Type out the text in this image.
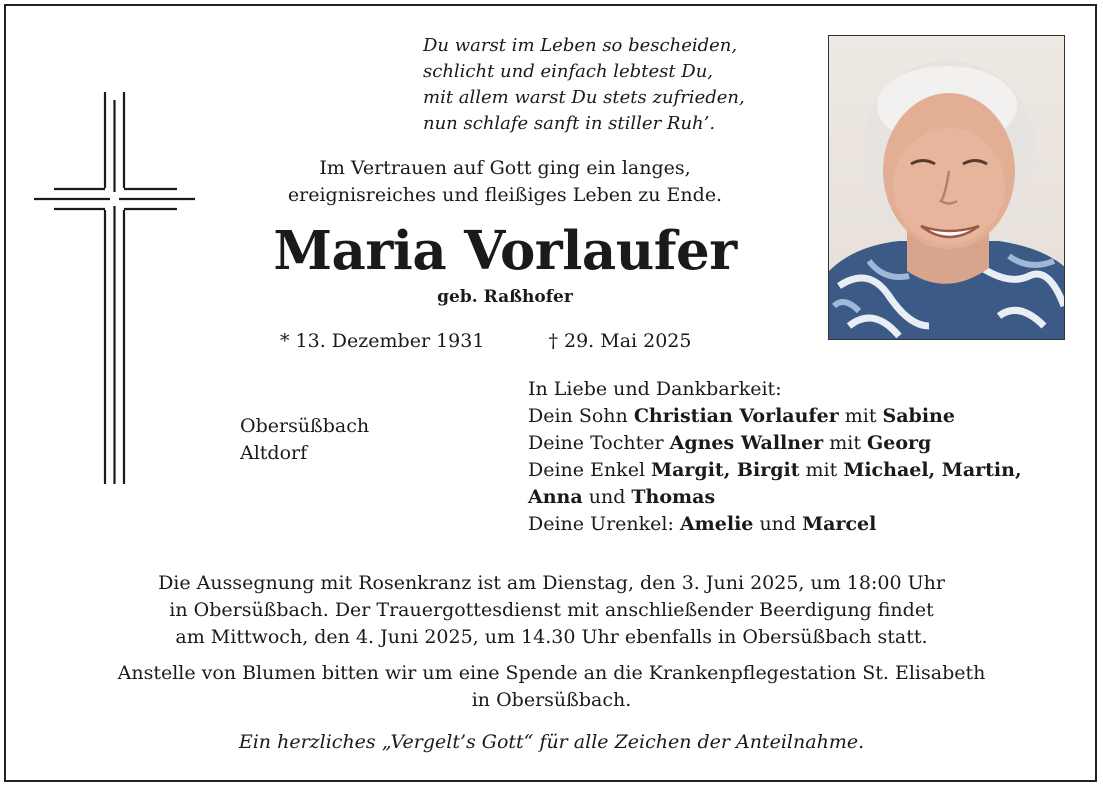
Du warst im Leben so bescheiden,
schlicht und einfach lebtest Du,
mit allem warst Du stets zufrieden,
nun schlafe sanft in stiller Ruh’.
Im Vertrauen auf Gott ging ein langes,
ereignisreiches und fleißiges Leben zu Ende.
Maria Vorlaufer
geb. Raßhofer
* 13. Dezember 1931	† 29. Mai 2025
Obersüßbach
Altdorf
In Liebe und Dankbarkeit:
Dein Sohn Christian Vorlaufer mit Sabine
Deine Tochter Agnes Wallner mit Georg
Deine Enkel Margit, Birgit mit Michael, Martin,
Anna und Thomas
Deine Urenkel: Amelie und Marcel
Die Aussegnung mit Rosenkranz ist am Dienstag, den 3. Juni 2025, um 18:00 Uhr
in Obersüßbach. Der Trauergottesdienst mit anschließender Beerdigung findet
am Mittwoch, den 4. Juni 2025, um 14.30 Uhr ebenfalls in Obersüßbach statt.
Anstelle von Blumen bitten wir um eine Spende an die Krankenpflegestation St. Elisabeth
in Obersüßbach.
Ein herzliches „Vergelt’s Gott“ für alle Zeichen der Anteilnahme.
